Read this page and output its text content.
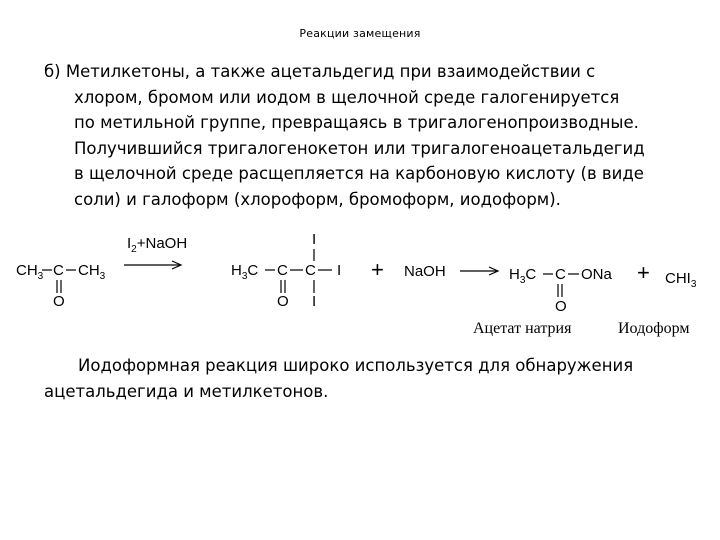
Реакции замещения
б) Метилкетоны, а также ацетальдегид при взаимодействии с
хлором, бромом или иодом в щелочной среде галогенируется
по метильной группе, превращаясь в тригалогенопроизводные.
Получившийся тригалогенокетон или тригалогеноацетальдегид
в щелочной среде расщепляется на карбоновую кислоту (в виде
соли) и галоформ (хлороформ, бромоформ, иодоформ).
$CH_3$ C $CH_3$
O
$I_2+NaOH$
$H_3C$ C C I
I
I
O
+ NaOH	$H_3C$ C ONa
O
+ $CHI_3$
Ацетат натрия	Иодоформ
Иодоформная реакция широко используется для обнаружения
ацетальдегида и метилкетонов.
